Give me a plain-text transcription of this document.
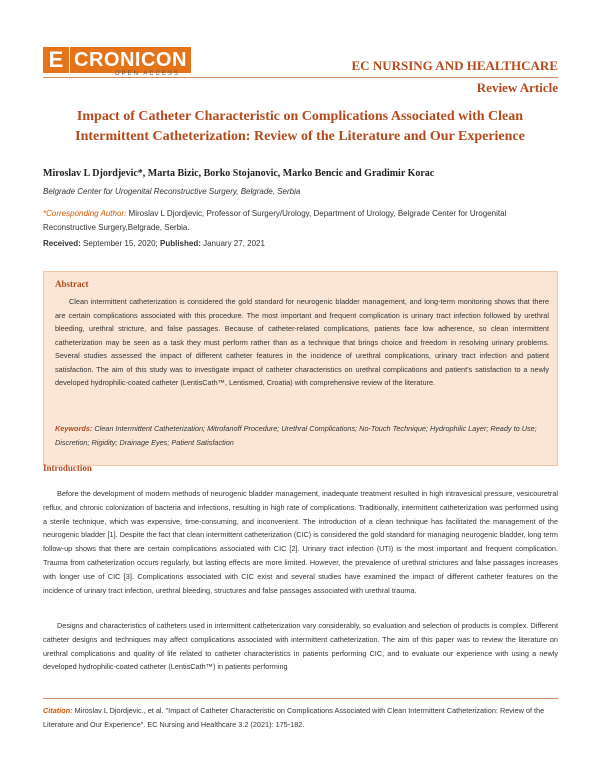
E CRONICON
OPEN ACCESS
EC NURSING AND HEALTHCARE
Review Article
Impact of Catheter Characteristic on Complications Associated with Clean Intermittent Catheterization: Review of the Literature and Our Experience
Miroslav L Djordjevic*, Marta Bizic, Borko Stojanovic, Marko Bencic and Gradimir Korac
Belgrade Center for Urogenital Reconstructive Surgery, Belgrade, Serbia
*Corresponding Author: Miroslav L Djordjevic, Professor of Surgery/Urology, Department of Urology, Belgrade Center for Urogenital Reconstructive Surgery,Belgrade, Serbia.
Received: September 15, 2020; Published: January 27, 2021
Abstract
Clean intermittent catheterization is considered the gold standard for neurogenic bladder management, and long-term monitoring shows that there are certain complications associated with this procedure. The most important and frequent complication is urinary tract infection followed by urethral bleeding, urethral stricture, and false passages. Because of catheter-related complications, patients face low adherence, so clean intermittent catheterization may be seen as a task they must perform rather than as a technique that brings choice and freedom in resolving urinary problems. Several studies assessed the impact of different catheter features in the incidence of urethral complications, urinary tract infection and patient satisfaction. The aim of this study was to investigate impact of catheter characteristics on urethral complications and patient's satisfaction to a newly developed hydrophilic-coated catheter (LentisCath™, Lentismed, Croatia) with comprehensive review of the literature.
Keywords: Clean Intermittent Catheterization; Mitrofanoff Procedure; Urethral Complications; No-Touch Technique; Hydrophilic Layer; Ready to Use; Discretion; Rigidity; Drainage Eyes; Patient Satisfaction
Introduction
Before the development of modern methods of neurogenic bladder management, inadequate treatment resulted in high intravesical pressure, vesicouretral reflux, and chronic colonization of bacteria and infections, resulting in high rate of complications. Traditionally, intermittent catheterization was performed using a sterile technique, which was expensive, time-consuming, and inconvenient. The introduction of a clean technique has facilitated the management of the neurogenic bladder [1]. Despite the fact that clean intermittent catheterization (CIC) is considered the gold standard for managing neurogenic bladder, long term follow-up shows that there are certain complications associated with CIC [2]. Urinary tract infection (UTI) is the most important and frequent complication. Trauma from catheterization occurs regularly, but lasting effects are more limited. However, the prevalence of urethral strictures and false passages increases with longer use of CIC [3]. Complications associated with CIC exist and several studies have examined the impact of different catheter features on the incidence of urinary tract infection, urethral bleeding, structures and false passages associated with urethral trauma.
Designs and characteristics of catheters used in intermittent catheterization vary considerably, so evaluation and selection of products is complex. Different catheter designs and techniques may affect complications associated with intermittent catheterization. The aim of this paper was to review the literature on urethral complications and quality of life related to catheter characteristics in patients performing CIC, and to evaluate our experience with using a newly developed hydrophilic-coated catheter (LentisCath™) in patients performing
Citation: Miroslav L Djordjevic., et al. "Impact of Catheter Characteristic on Complications Associated with Clean Intermittent Catheterization: Review of the Literature and Our Experience". EC Nursing and Healthcare 3.2 (2021): 175-182.
